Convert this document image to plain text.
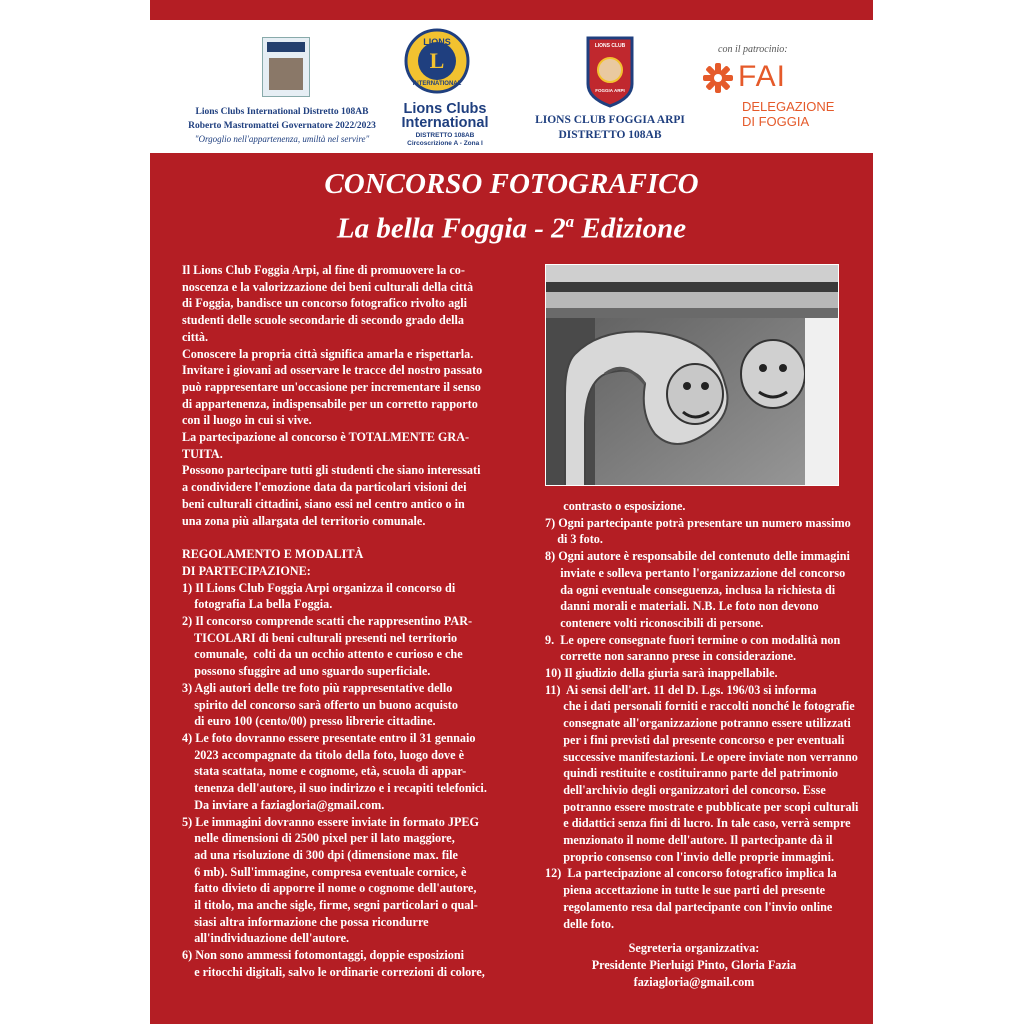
Lions Clubs International Distretto 108AB
Roberto Mastromattei Governatore 2022/2023
"Orgoglio nell'appartenenza, umiltà nel servire"
LIONS
INTERNATIONAL
L
Lions Clubs
International
DISTRETTO 108AB
Circoscrizione A - Zona I
LIONS CLUB
FOGGIA ARPI
LIONS CLUB FOGGIA ARPI
DISTRETTO 108AB
con il patrocinio:
FAI
DELEGAZIONE
DI FOGGIA
CONCORSO FOTOGRAFICO
La bella Foggia - 2$^a$ Edizione

Il Lions Club Foggia Arpi, al fine di promuovere la co-

noscenza e la valorizzazione dei beni culturali della città

di Foggia, bandisce un concorso fotografico rivolto agli

studenti delle scuole secondarie di secondo grado della

città.

Conoscere la propria città significa amarla e rispettarla.

Invitare i giovani ad osservare le tracce del nostro passato

può rappresentare un'occasione per incrementare il senso

di appartenenza, indispensabile per un corretto rapporto

con il luogo in cui si vive.

La partecipazione al concorso è TOTALMENTE GRA-

TUITA.

Possono partecipare tutti gli studenti che siano interessati

a condividere l'emozione data da particolari visioni dei

beni culturali cittadini, siano essi nel centro antico o in

una zona più allargata del territorio comunale.

REGOLAMENTO E MODALITÀ

DI PARTECIPAZIONE:

1) Il Lions Club Foggia Arpi organizza il concorso di

fotografia La bella Foggia.

2) Il concorso comprende scatti che rappresentino PAR-

TICOLARI di beni culturali presenti nel territorio

comunale,  colti da un occhio attento e curioso e che

possono sfuggire ad uno sguardo superficiale.

3) Agli autori delle tre foto più rappresentative dello

spirito del concorso sarà offerto un buono acquisto

di euro 100 (cento/00) presso librerie cittadine.

4) Le foto dovranno essere presentate entro il 31 gennaio

2023 accompagnate da titolo della foto, luogo dove è

stata scattata, nome e cognome, età, scuola di appar-

tenenza dell'autore, il suo indirizzo e i recapiti telefonici.

Da inviare a faziagloria@gmail.com.

5) Le immagini dovranno essere inviate in formato JPEG

nelle dimensioni di 2500 pixel per il lato maggiore,

ad una risoluzione di 300 dpi (dimensione max. file

6 mb). Sull'immagine, compresa eventuale cornice, è

fatto divieto di apporre il nome o cognome dell'autore,

il titolo, ma anche sigle, firme, segni particolari o qual-

siasi altra informazione che possa ricondurre

all'individuazione dell'autore.

6) Non sono ammessi fotomontaggi, doppie esposizioni

e ritocchi digitali, salvo le ordinarie correzioni di colore,

contrasto o esposizione.

7) Ogni partecipante potrà presentare un numero massimo

di 3 foto.

8) Ogni autore è responsabile del contenuto delle immagini

inviate e solleva pertanto l'organizzazione del concorso

da ogni eventuale conseguenza, inclusa la richiesta di

danni morali e materiali. N.B. Le foto non devono

contenere volti riconoscibili di persone.

9.  Le opere consegnate fuori termine o con modalità non

corrette non saranno prese in considerazione.

10) Il giudizio della giuria sarà inappellabile.

11)  Ai sensi dell'art. 11 del D. Lgs. 196/03 si informa

che i dati personali forniti e raccolti nonché le fotografie

consegnate all'organizzazione potranno essere utilizzati

per i fini previsti dal presente concorso e per eventuali

successive manifestazioni. Le opere inviate non verranno

quindi restituite e costituiranno parte del patrimonio

dell'archivio degli organizzatori del concorso. Esse

potranno essere mostrate e pubblicate per scopi culturali

e didattici senza fini di lucro. In tale caso, verrà sempre

menzionato il nome dell'autore. Il partecipante dà il

proprio consenso con l'invio delle proprie immagini.

12)  La partecipazione al concorso fotografico implica la

piena accettazione in tutte le sue parti del presente

regolamento resa dal partecipante con l'invio online

delle foto.

Segreteria organizzativa:

Presidente Pierluigi Pinto, Gloria Fazia

faziagloria@gmail.com
